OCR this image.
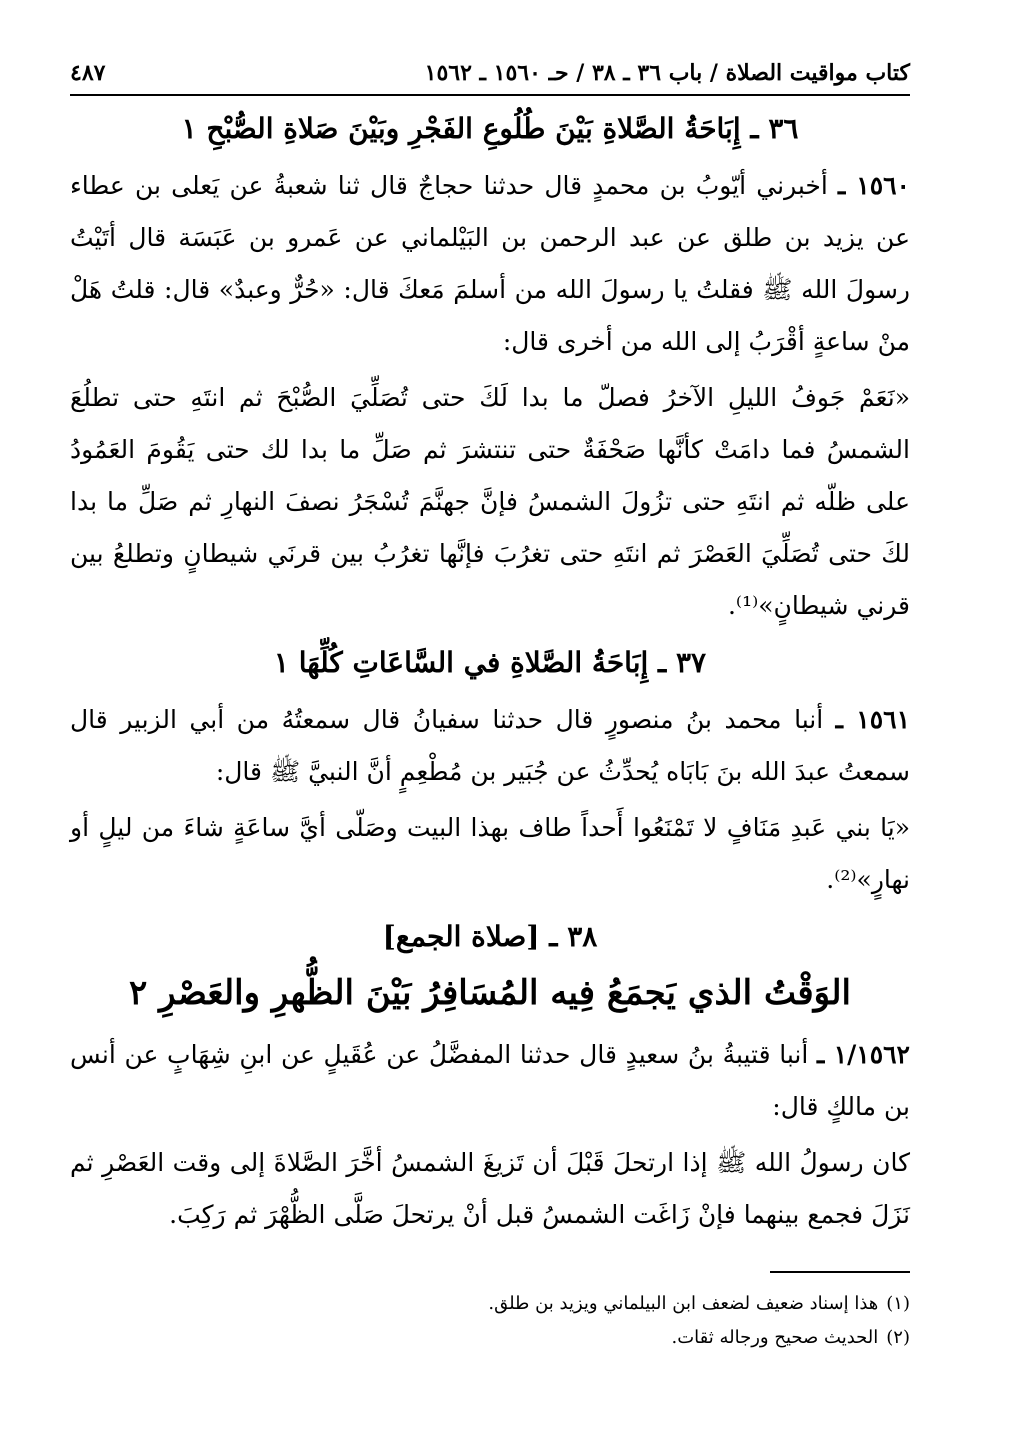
كتاب مواقيت الصلاة / باب ٣٦ ـ ٣٨ / حـ ١٥٦٠ ـ ١٥٦٢
٤٨٧
٣٦ ـ إِبَاحَةُ الصَّلاةِ بَيْنَ طُلُوعِ الفَجْرِ وبَيْنَ صَلاةِ الصُّبْحِ ١

١٥٦٠ ـ أخبرني أيّوبُ بن محمدٍ قال حدثنا حجاجٌ قال ثنا شعبةُ عن يَعلى بن عطاء عن يزيد بن طلق عن عبد الرحمن بن البَيْلماني عن عَمرو بن عَبَسَة قال أتَيْتُ رسولَ الله ﷺ فقلتُ يا رسولَ الله من أسلمَ مَعكَ قال: «حُرٌّ وعبدٌ» قال: قلتُ هَلْ منْ ساعةٍ أقْرَبُ إلى الله من أخرى قال:

«نَعَمْ جَوفُ الليلِ الآخرُ فصلّ ما بدا لَكَ حتى تُصَلِّيَ الصُّبْحَ ثم انتَهِ حتى تطلُعَ الشمسُ فما دامَتْ كأنَّها صَحْفَةٌ حتى تنتشرَ ثم صَلِّ ما بدا لك حتى يَقُومَ العَمُودُ على ظلّه ثم انتَهِ حتى تزُولَ الشمسُ فإنَّ جهنَّمَ تُسْجَرُ نصفَ النهارِ ثم صَلِّ ما بدا لكَ حتى تُصَلِّيَ العَصْرَ ثم انتَهِ حتى تغرُبَ فإنَّها تغرُبُ بين قرنَي شيطانٍ وتطلعُ بين قرني شيطانٍ»⁽¹⁾.

٣٧ ـ إِبَاحَةُ الصَّلاةِ في السَّاعَاتِ كُلِّهَا ١

١٥٦١ ـ أنبا محمد بنُ منصورٍ قال حدثنا سفيانُ قال سمعتُهُ من أبي الزبير قال سمعتُ عبدَ الله بنَ بَابَاه يُحدِّثُ عن جُبَير بن مُطْعِمٍ أنَّ النبيَّ ﷺ قال:

«يَا بني عَبدِ مَنَافٍ لا تَمْنَعُوا أَحداً طاف بهذا البيت وصَلّى أيَّ ساعَةٍ شاءَ من ليلٍ أو نهارٍ»⁽²⁾.

٣٨ ـ [صلاة الجمع]
الوَقْتُ الذي يَجمَعُ فِيه المُسَافِرُ بَيْنَ الظُّهرِ والعَصْرِ ٢

١/١٥٦٢ ـ أنبا قتيبةُ بنُ سعيدٍ قال حدثنا المفضَّلُ عن عُقَيلٍ عن ابنِ شِهَابٍ عن أنس بن مالكٍ قال:

كان رسولُ الله ﷺ إذا ارتحلَ قَبْلَ أن تَزيغَ الشمسُ أخَّرَ الصَّلاةَ إلى وقت العَصْرِ ثم نَزَلَ فجمع بينهما فإنْ زَاغَت الشمسُ قبل أنْ يرتحلَ صَلَّى الظُّهْرَ ثم رَكِبَ.

(١)هذا إسناد ضعيف لضعف ابن البيلماني ويزيد بن طلق.
(٢)الحديث صحيح ورجاله ثقات.
